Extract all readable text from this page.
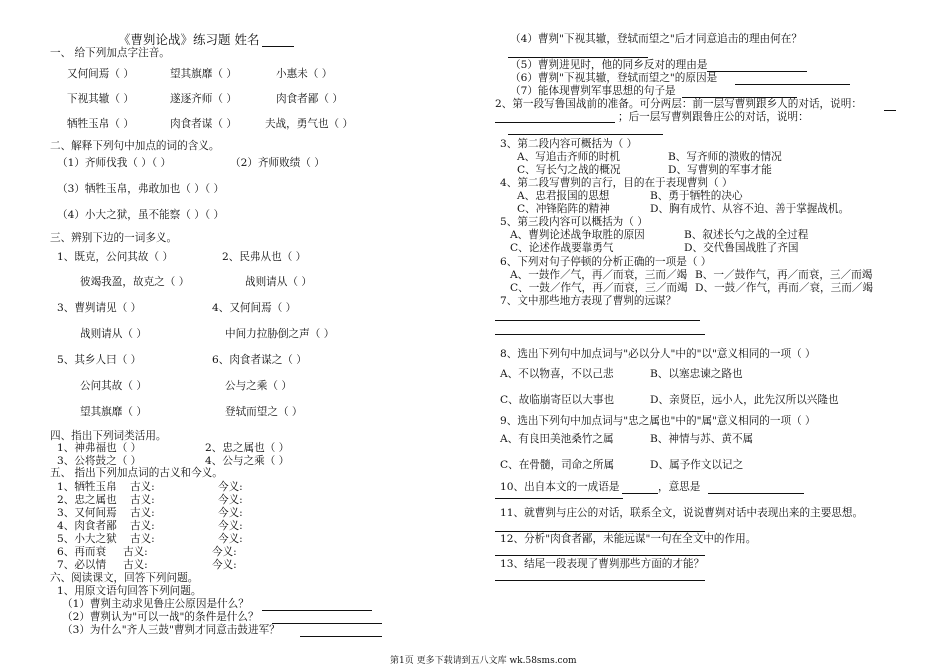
《曹刿论战》练习题 姓名
一、 给下列加点字注音。
又何间焉（ ）	望其旗靡（ ）	小惠未（ ）
下视其辙（ ）	遂逐齐师（ ）	肉食者鄙（ ）
牺牲玉帛（ ）	肉食者谋（ ）	夫战，勇气也（ ）
二、解释下列句中加点的词的含义。
（1）齐师伐我（ ）（ ）	（2）齐师败绩（ ）
（3）牺牲玉帛，弗敢加也（ ）（ ）
（4）小大之狱，虽不能察（ ）（ ）
三、辨别下边的一词多义。
1、既克，公问其故（ ）	2、民弗从也（ ）
彼竭我盈，故克之（ ）	战则请从（ ）
3、曹刿请见（ ）	4、又何间焉（ ）
战则请从（ ）	中间力拉胁倒之声（ ）
5、其乡人曰（ ）	6、肉食者谋之（ ）
公问其故（ ）	公与之乘（ ）
望其旗靡（ ）	登轼而望之（ ）
四、指出下列词类活用。
1、神弗福也（ ）	2、忠之属也（ ）
3、公将鼓之（ ）	4、公与之乘（ ）
五、 指出下列加点词的古义和今义。
1、牺牲玉帛 古义:	今义:
2、忠之属也 古义:	今义:
3、又何间焉 古义:	今义:
4、肉食者鄙 古义:	今义:
5、小大之狱 古义:	今义:
6、再而衰 古义:	今义:
7、必以情 古义:	今义:
六、阅读课文，回答下列问题。
1、用原文语句回答下列问题。
（1）曹刿主动求见鲁庄公原因是什么？
（2）曹刿认为"可以一战"的条件是什么？
（3）为什么"齐人三鼓"曹刿才同意击鼓进军？
（4）曹刿"下视其辙，登轼而望之"后才同意追击的理由何在？
（5）曹刿进见时，他的同乡反对的理由是
（6）曹刿"下视其辙，登轼而望之"的原因是
（7）能体现曹刿军事思想的句子是
2、第一段写鲁国战前的准备。可分两层：前一层写曹刿跟乡人的对话，说明：
；后一层写曹刿跟鲁庄公的对话，说明：
3、第二段内容可概括为（ ）
A、写追击齐师的时机	B、写齐师的溃败的情况
C、写长勺之战的概况	D、写曹刿的军事才能
4、第二段写曹刿的言行，目的在于表现曹刿（ ）
A、忠君报国的思想	B、勇于牺牲的决心
C、冲锋陷阵的精神	D、胸有成竹、从容不迫、善于掌握战机。
5、第三段内容可以概括为（ ）
A、曹刿论述战争取胜的原因	B、叙述长勺之战的全过程
C、论述作战要靠勇气	D、交代鲁国战胜了齐国
6、下列对句子停顿的分析正确的一项是（ ）
A、一鼓作／气，再／而衰，三而／竭 B、一／鼓作气，再／而衰，三／而竭
C、一鼓／作气，再／而衰，三／而竭 D、一鼓／作气，再而／衰，三而／竭
7、文中那些地方表现了曹刿的远谋？
8、选出下列句中加点词与"必以分人"中的"以"意义相同的一项（ ）
A、不以物喜，不以己悲	B、以塞忠谏之路也
C、故临崩寄臣以大事也	D、亲贤臣，远小人，此先汉所以兴隆也
9、选出下列句中加点词与"忠之属也"中的"属"意义相同的一项（ ）
A、有良田美池桑竹之属	B、神情与苏、黄不属
C、在骨髓，司命之所属	D、属予作文以记之
10、出自本文的一成语是	，意思是
11、就曹刿与庄公的对话，联系全文，说说曹刿对话中表现出来的主要思想。
12、分析"肉食者鄙，未能远谋"一句在全文中的作用。
13、结尾一段表现了曹刿那些方面的才能？
第1页 更多下载请到五八文库 wk.58sms.com
